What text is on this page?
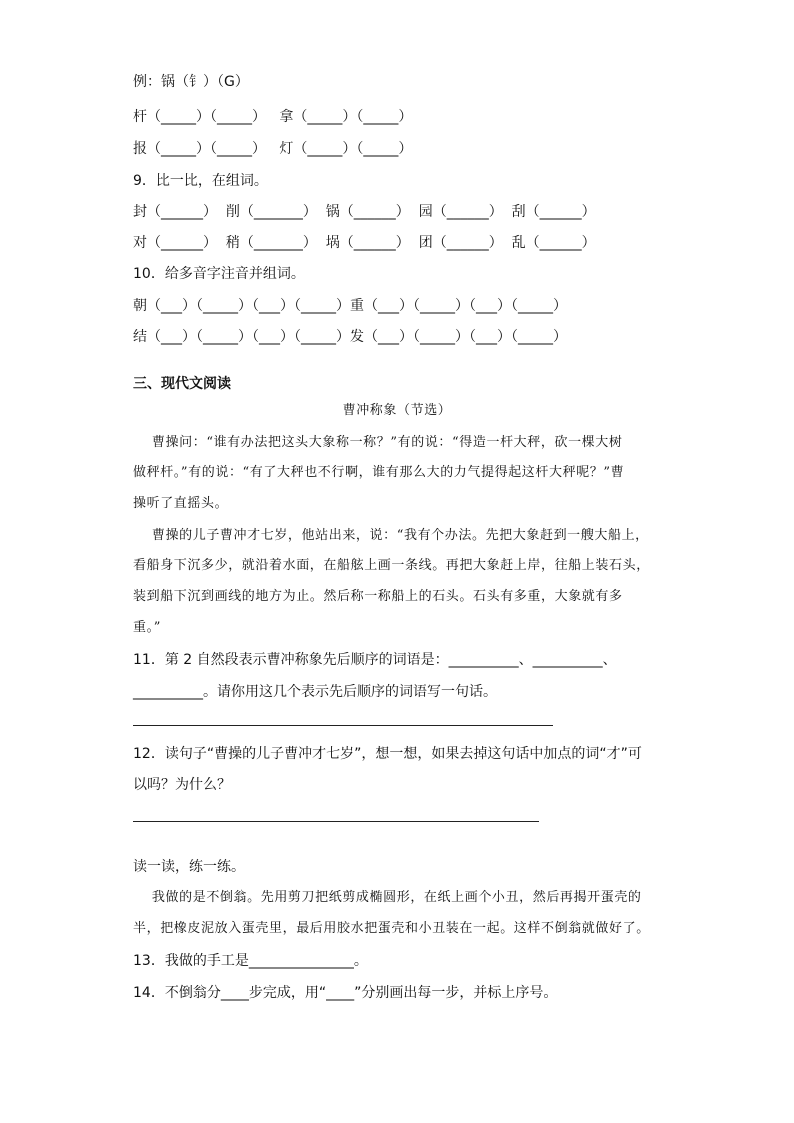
例：锅（钅）（G）
杆（_____）（_____）   拿（_____）（_____）
报（_____）（_____）   灯（_____）（_____）
9．比一比，在组词。
封（______）  削（_______）  锅（______）  园（______）  刮（______）
对（______）  稍（_______）  埚（______）  团（______）  乱（______）
10．给多音字注音并组词。
朝（___）（_____）（___）（_____）重（___）（_____）（___）（_____）
结（___）（_____）（___）（_____）发（___）（_____）（___）（_____）
三、现代文阅读
曹冲称象（节选）
曹操问：“谁有办法把这头大象称一称？”有的说：“得造一杆大秤，砍一棵大树
做秤杆。”有的说：“有了大秤也不行啊，谁有那么大的力气提得起这杆大秤呢？”曹
操听了直摇头。
曹操的儿子曹冲才七岁，他站出来，说：“我有个办法。先把大象赶到一艘大船上，
看船身下沉多少，就沿着水面，在船舷上画一条线。再把大象赶上岸，往船上装石头，
装到船下沉到画线的地方为止。然后称一称船上的石头。石头有多重，大象就有多
重。”
11．第 2 自然段表示曹冲称象先后顺序的词语是：__________、__________、
__________。请你用这几个表示先后顺序的词语写一句话。
12．读句子“曹操的儿子曹冲才七岁”，想一想，如果去掉这句话中加点的词“才”可
以吗？为什么？
读一读，练一练。
我做的是不倒翁。先用剪刀把纸剪成椭圆形，在纸上画个小丑，然后再揭开蛋壳的
半，把橡皮泥放入蛋壳里，最后用胶水把蛋壳和小丑装在一起。这样不倒翁就做好了。
13．我做的手工是_______________。
14．不倒翁分____步完成，用“____”分别画出每一步，并标上序号。
